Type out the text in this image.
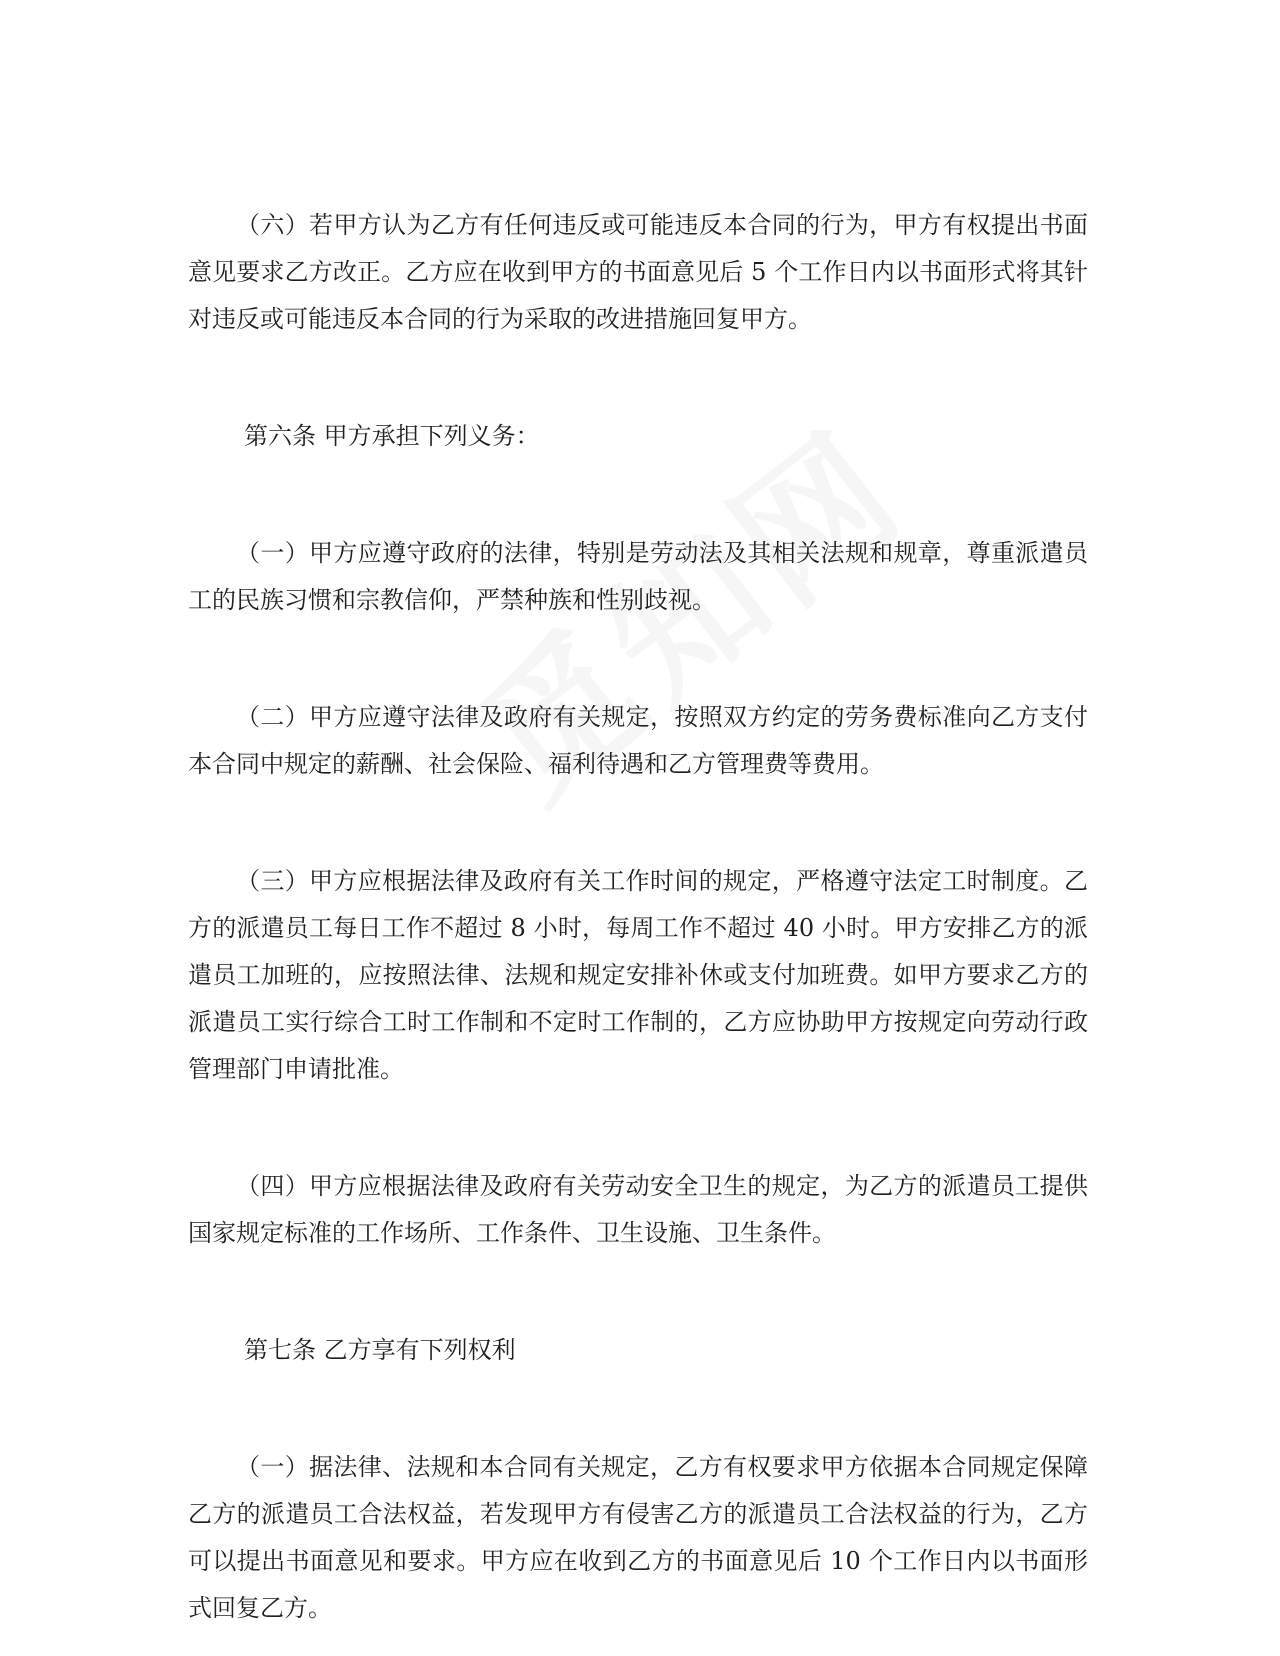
（六）若甲方认为乙方有任何违反或可能违反本合同的行为，甲方有权提出书面意见要求乙方改正。乙方应在收到甲方的书面意见后 5 个工作日内以书面形式将其针对违反或可能违反本合同的行为采取的改进措施回复甲方。

第六条 甲方承担下列义务：

（一）甲方应遵守政府的法律，特别是劳动法及其相关法规和规章，尊重派遣员工的民族习惯和宗教信仰，严禁种族和性别歧视。

（二）甲方应遵守法律及政府有关规定，按照双方约定的劳务费标准向乙方支付本合同中规定的薪酬、社会保险、福利待遇和乙方管理费等费用。

（三）甲方应根据法律及政府有关工作时间的规定，严格遵守法定工时制度。乙方的派遣员工每日工作不超过 8 小时，每周工作不超过 40 小时。甲方安排乙方的派遣员工加班的，应按照法律、法规和规定安排补休或支付加班费。如甲方要求乙方的派遣员工实行综合工时工作制和不定时工作制的，乙方应协助甲方按规定向劳动行政管理部门申请批准。

（四）甲方应根据法律及政府有关劳动安全卫生的规定，为乙方的派遣员工提供国家规定标准的工作场所、工作条件、卫生设施、卫生条件。

第七条 乙方享有下列权利

（一）据法律、法规和本合同有关规定，乙方有权要求甲方依据本合同规定保障乙方的派遣员工合法权益，若发现甲方有侵害乙方的派遣员工合法权益的行为，乙方可以提出书面意见和要求。甲方应在收到乙方的书面意见后 10 个工作日内以书面形式回复乙方。
